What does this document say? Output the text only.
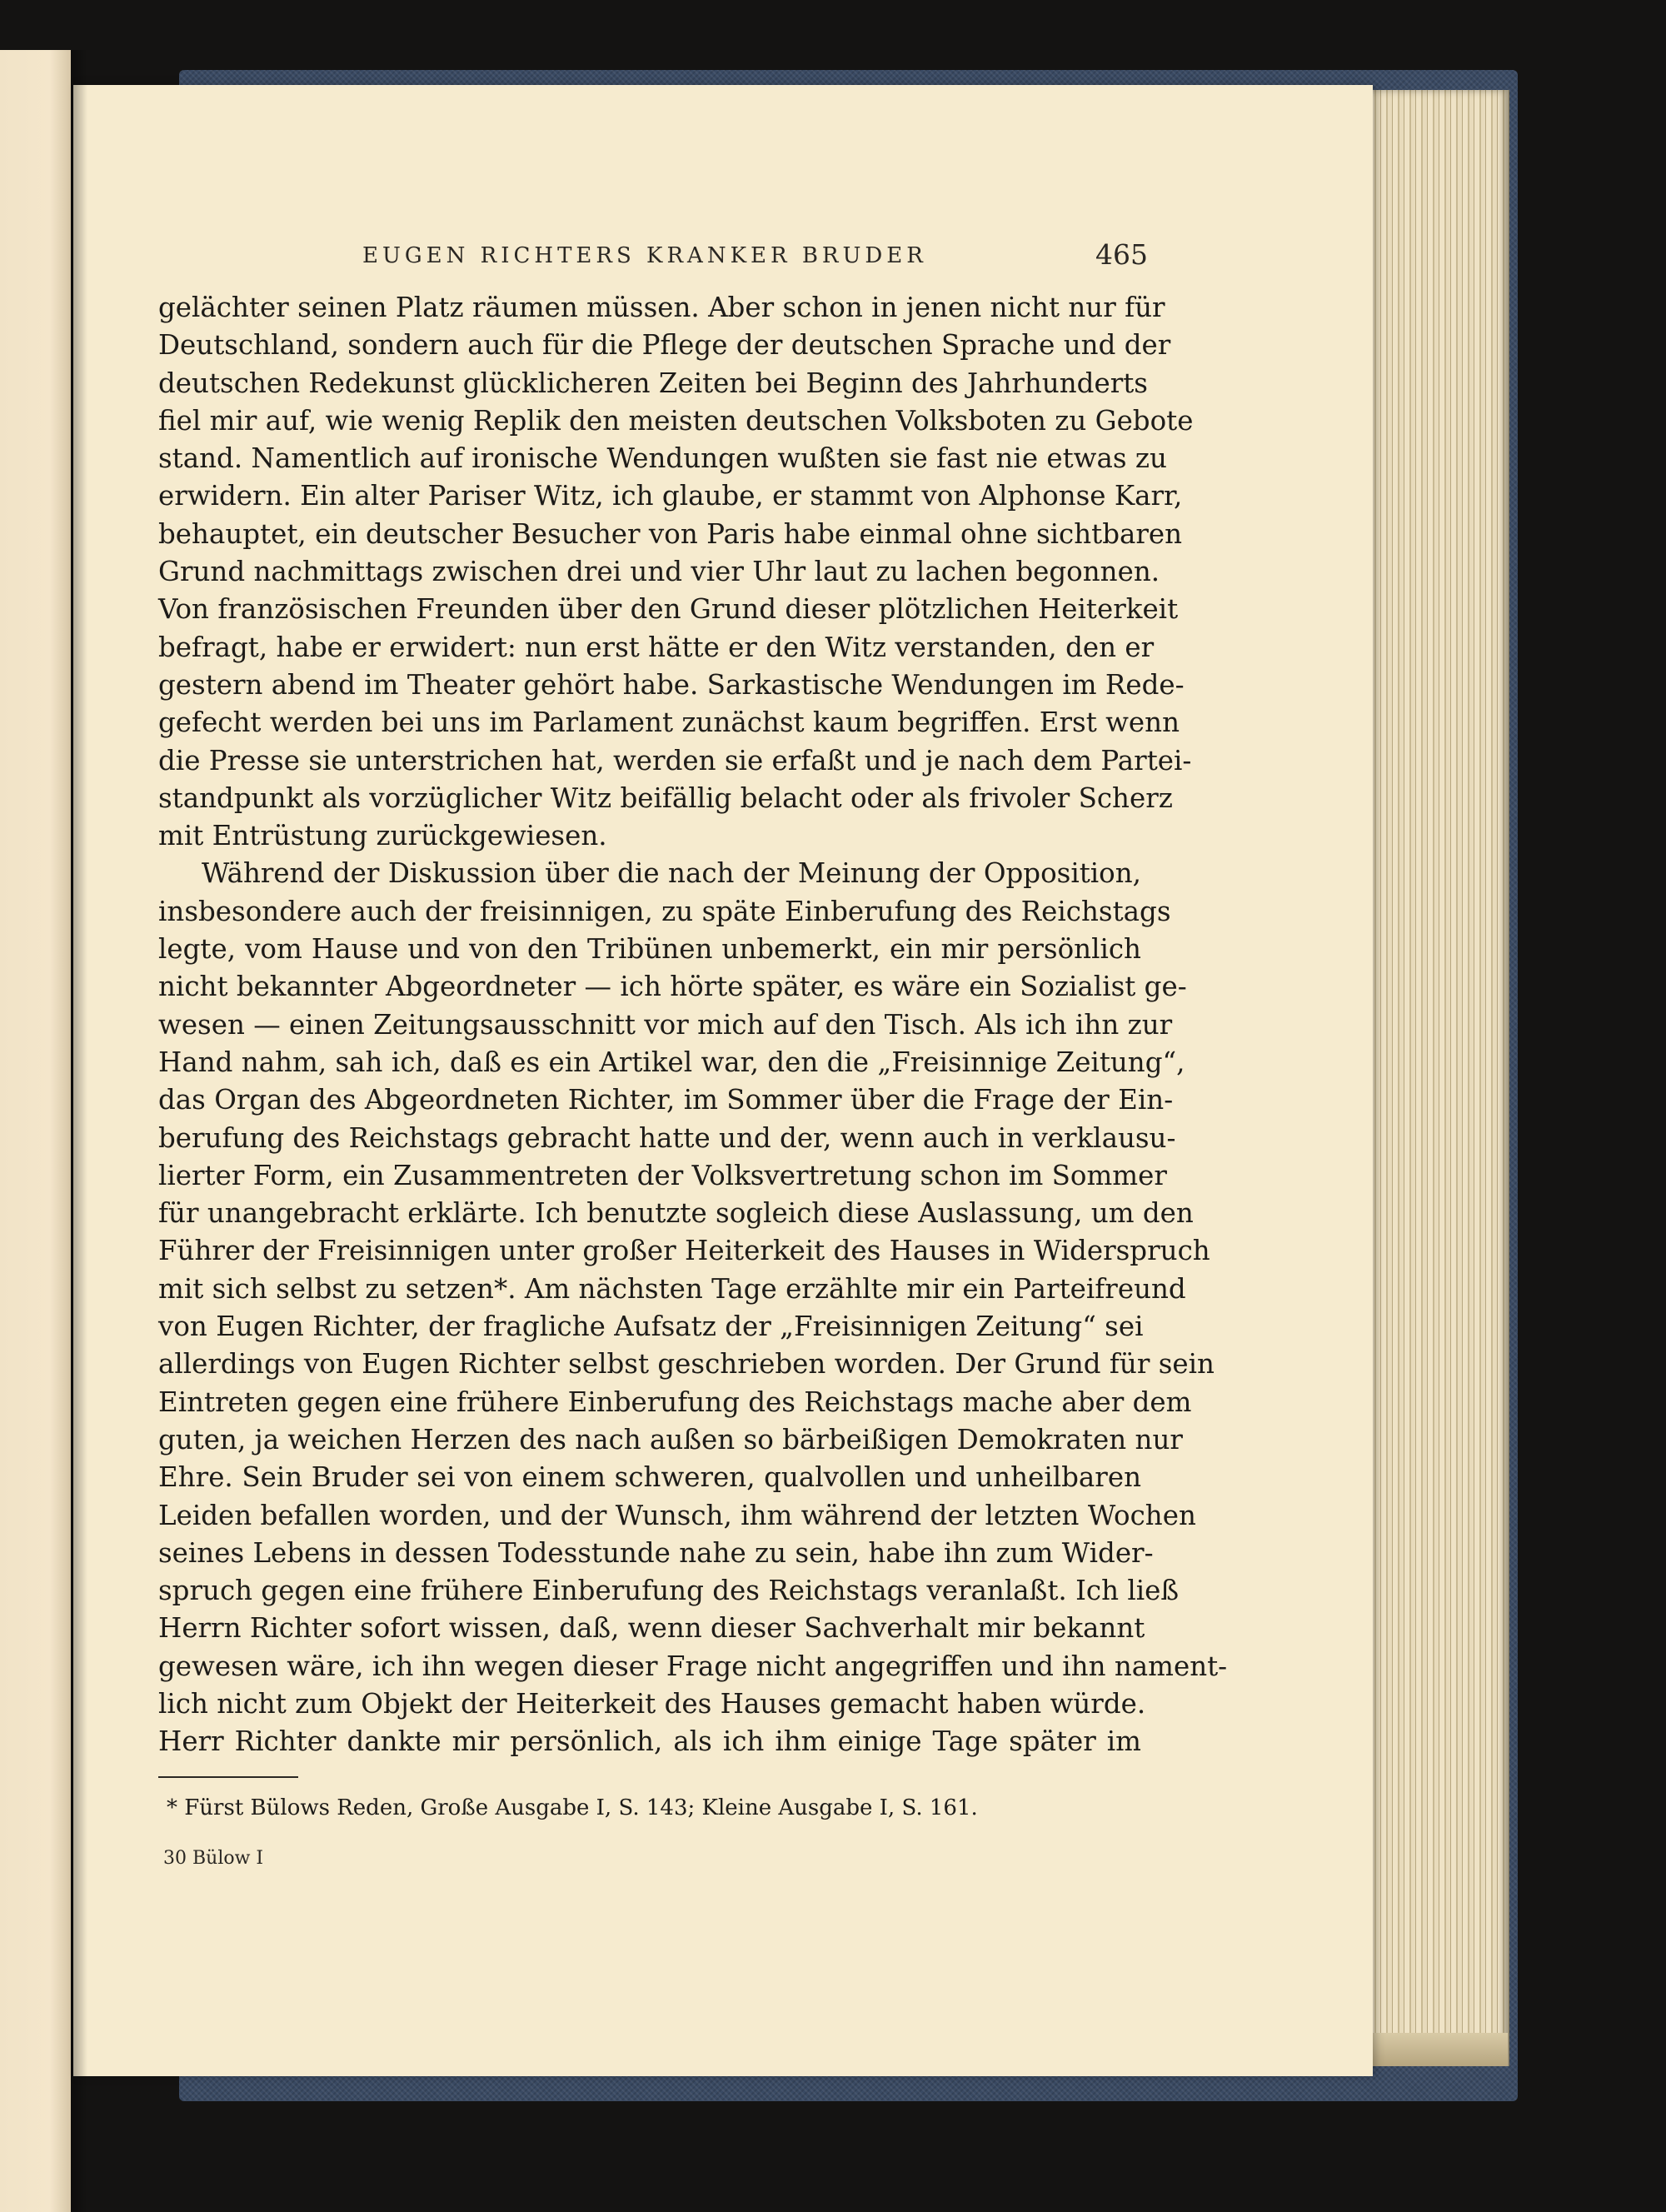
EUGEN RICHTERS KRANKER BRUDER	465
gelächter seinen Platz räumen müssen. Aber schon in jenen nicht nur für
Deutschland, sondern auch für die Pflege der deutschen Sprache und der
deutschen Redekunst glücklicheren Zeiten bei Beginn des Jahrhunderts
fiel mir auf, wie wenig Replik den meisten deutschen Volksboten zu Gebote
stand. Namentlich auf ironische Wendungen wußten sie fast nie etwas zu
erwidern. Ein alter Pariser Witz, ich glaube, er stammt von Alphonse Karr,
behauptet, ein deutscher Besucher von Paris habe einmal ohne sichtbaren
Grund nachmittags zwischen drei und vier Uhr laut zu lachen begonnen.
Von französischen Freunden über den Grund dieser plötzlichen Heiterkeit
befragt, habe er erwidert: nun erst hätte er den Witz verstanden, den er
gestern abend im Theater gehört habe. Sarkastische Wendungen im Rede-
gefecht werden bei uns im Parlament zunächst kaum begriffen. Erst wenn
die Presse sie unterstrichen hat, werden sie erfaßt und je nach dem Partei-
standpunkt als vorzüglicher Witz beifällig belacht oder als frivoler Scherz
mit Entrüstung zurückgewiesen.
Während der Diskussion über die nach der Meinung der Opposition,
insbesondere auch der freisinnigen, zu späte Einberufung des Reichstags
legte, vom Hause und von den Tribünen unbemerkt, ein mir persönlich
nicht bekannter Abgeordneter — ich hörte später, es wäre ein Sozialist ge-
wesen — einen Zeitungsausschnitt vor mich auf den Tisch. Als ich ihn zur
Hand nahm, sah ich, daß es ein Artikel war, den die „Freisinnige Zeitung“,
das Organ des Abgeordneten Richter, im Sommer über die Frage der Ein-
berufung des Reichstags gebracht hatte und der, wenn auch in verklausu-
lierter Form, ein Zusammentreten der Volksvertretung schon im Sommer
für unangebracht erklärte. Ich benutzte sogleich diese Auslassung, um den
Führer der Freisinnigen unter großer Heiterkeit des Hauses in Widerspruch
mit sich selbst zu setzen*. Am nächsten Tage erzählte mir ein Parteifreund
von Eugen Richter, der fragliche Aufsatz der „Freisinnigen Zeitung“ sei
allerdings von Eugen Richter selbst geschrieben worden. Der Grund für sein
Eintreten gegen eine frühere Einberufung des Reichstags mache aber dem
guten, ja weichen Herzen des nach außen so bärbeißigen Demokraten nur
Ehre. Sein Bruder sei von einem schweren, qualvollen und unheilbaren
Leiden befallen worden, und der Wunsch, ihm während der letzten Wochen
seines Lebens in dessen Todesstunde nahe zu sein, habe ihn zum Wider-
spruch gegen eine frühere Einberufung des Reichstags veranlaßt. Ich ließ
Herrn Richter sofort wissen, daß, wenn dieser Sachverhalt mir bekannt
gewesen wäre, ich ihn wegen dieser Frage nicht angegriffen und ihn nament-
lich nicht zum Objekt der Heiterkeit des Hauses gemacht haben würde.
Herr Richter dankte mir persönlich, als ich ihm einige Tage später im
* Fürst Bülows Reden, Große Ausgabe I, S. 143; Kleine Ausgabe I, S. 161.
30 Bülow I
